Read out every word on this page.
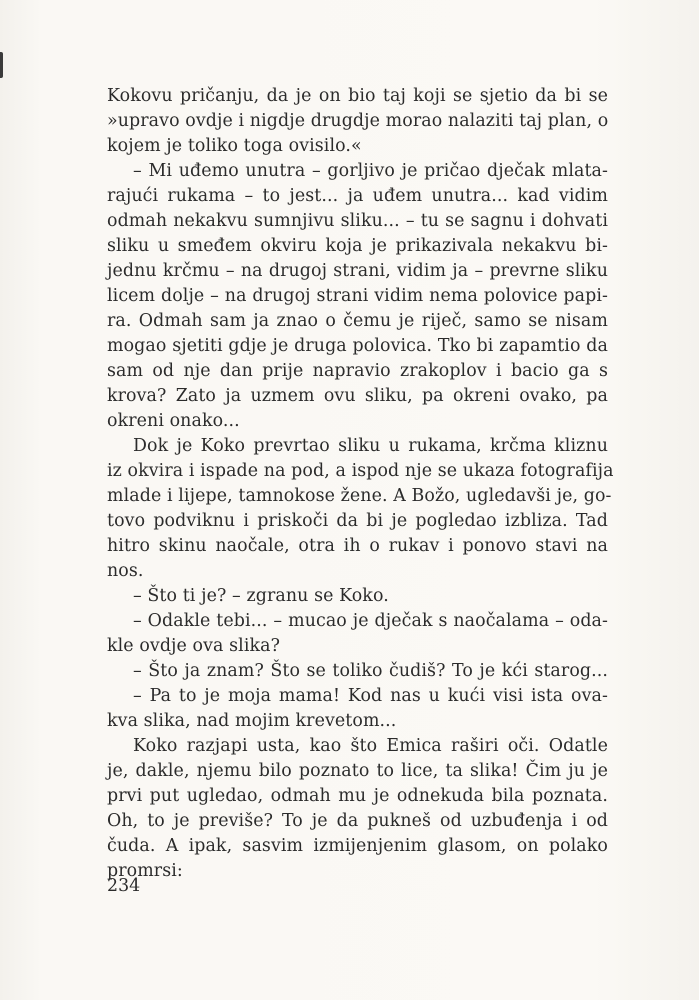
Kokovu pričanju, da je on bio taj koji se sjetio da bi se
»upravo ovdje i nigdje drugdje morao nalaziti taj plan, o
kojem je toliko toga ovisilo.«
– Mi uđemo unutra – gorljivo je pričao dječak mlata-
rajući rukama – to jest... ja uđem unutra... kad vidim
odmah nekakvu sumnjivu sliku... – tu se sagnu i dohvati
sliku u smeđem okviru koja je prikazivala nekakvu bi-
jednu krčmu – na drugoj strani, vidim ja – prevrne sliku
licem dolje – na drugoj strani vidim nema polovice papi-
ra. Odmah sam ja znao o čemu je riječ, samo se nisam
mogao sjetiti gdje je druga polovica. Tko bi zapamtio da
sam od nje dan prije napravio zrakoplov i bacio ga s
krova? Zato ja uzmem ovu sliku, pa okreni ovako, pa
okreni onako...
Dok je Koko prevrtao sliku u rukama, krčma kliznu
iz okvira i ispade na pod, a ispod nje se ukaza fotografija
mlade i lijepe, tamnokose žene. A Božo, ugledavši je, go-
tovo podviknu i priskoči da bi je pogledao izbliza. Tad
hitro skinu naočale, otra ih o rukav i ponovo stavi na
nos.
– Što ti je? – zgranu se Koko.
– Odakle tebi... – mucao je dječak s naočalama – oda-
kle ovdje ova slika?
– Što ja znam? Što se toliko čudiš? To je kći starog...
– Pa to je moja mama! Kod nas u kući visi ista ova-
kva slika, nad mojim krevetom...
Koko razjapi usta, kao što Emica raširi oči. Odatle
je, dakle, njemu bilo poznato to lice, ta slika! Čim ju je
prvi put ugledao, odmah mu je odnekuda bila poznata.
Oh, to je previše? To je da pukneš od uzbuđenja i od
čuda. A ipak, sasvim izmijenjenim glasom, on polako
promrsi:
234
